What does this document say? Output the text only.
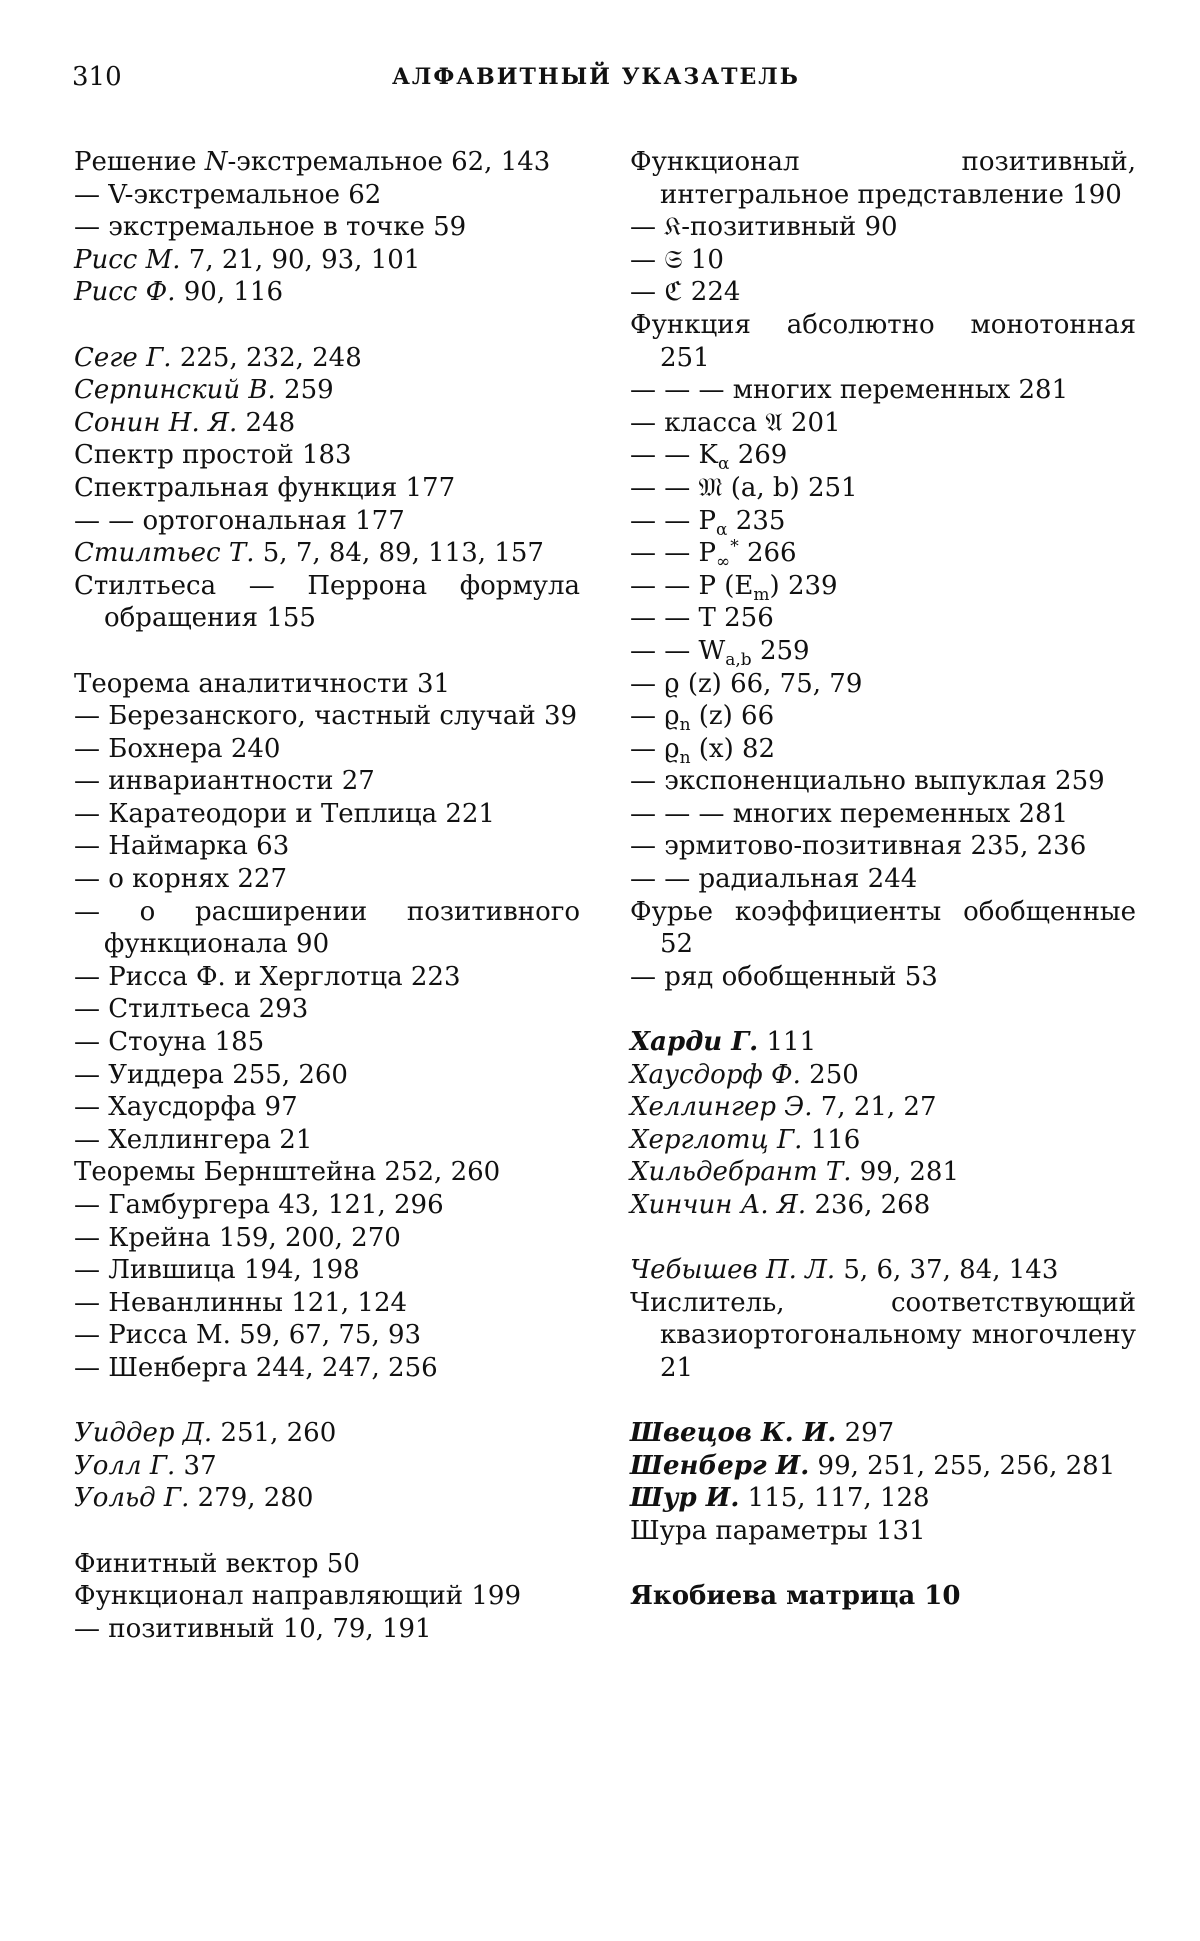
310	АЛФАВИТНЫЙ УКАЗАТЕЛЬ
Решение N-экстремальное 62, 143
— V-экстремальное 62
— экстремальное в точке 59
Рисс М. 7, 21, 90, 93, 101
Рисс Ф. 90, 116
Сеге Г. 225, 232, 248
Серпинский В. 259
Сонин Н. Я. 248
Спектр простой 183
Спектральная функция 177
— — ортогональная 177
Стилтьес Т. 5, 7, 84, 89, 113, 157
Стилтьеса — Перрона формула обращения 155
Теорема аналитичности 31
— Березанского, частный случай 39
— Бохнера 240
— инвариантности 27
— Каратеодори и Теплица 221
— Наймарка 63
— о корнях 227
— о расширении позитивного функционала 90
— Рисса Ф. и Херглотца 223
— Стилтьеса 293
— Стоуна 185
— Уиддера 255, 260
— Хаусдорфа 97
— Хеллингера 21
Теоремы Бернштейна 252, 260
— Гамбургера 43, 121, 296
— Крейна 159, 200, 270
— Лившица 194, 198
— Неванлинны 121, 124
— Рисса М. 59, 67, 75, 93
— Шенберга 244, 247, 256
Уиддер Д. 251, 260
Уолл Г. 37
Уольд Г. 279, 280
Финитный вектор 50
Функционал направляющий 199
— позитивный 10, 79, 191
Функционал позитивный, интегральное представление 190
— 𝔎-позитивный 90
— 𝔖 10
— ℭ 224
Функция абсолютно монотонная 251
— — — многих переменных 281
— класса 𝔄 201
— — Kα 269
— — 𝔐 (a, b) 251
— — Pα 235
— — P∞* 266
— — P (Em) 239
— — T 256
— — Wa,b 259
— ϱ (z) 66, 75, 79
— ϱn (z) 66
— ϱn (x) 82
— экспоненциально выпуклая 259
— — — многих переменных 281
— эрмитово-позитивная 235, 236
— — радиальная 244
Фурье коэффициенты обобщенные 52
— ряд обобщенный 53
Харди Г. 111
Хаусдорф Ф. 250
Хеллингер Э. 7, 21, 27
Херглотц Г. 116
Хильдебрант Т. 99, 281
Хинчин А. Я. 236, 268
Чебышев П. Л. 5, 6, 37, 84, 143
Числитель, соответствующий квазиортогональному многочлену 21
Швецов К. И. 297
Шенберг И. 99, 251, 255, 256, 281
Шур И. 115, 117, 128
Шура параметры 131
Якобиева матрица 10
